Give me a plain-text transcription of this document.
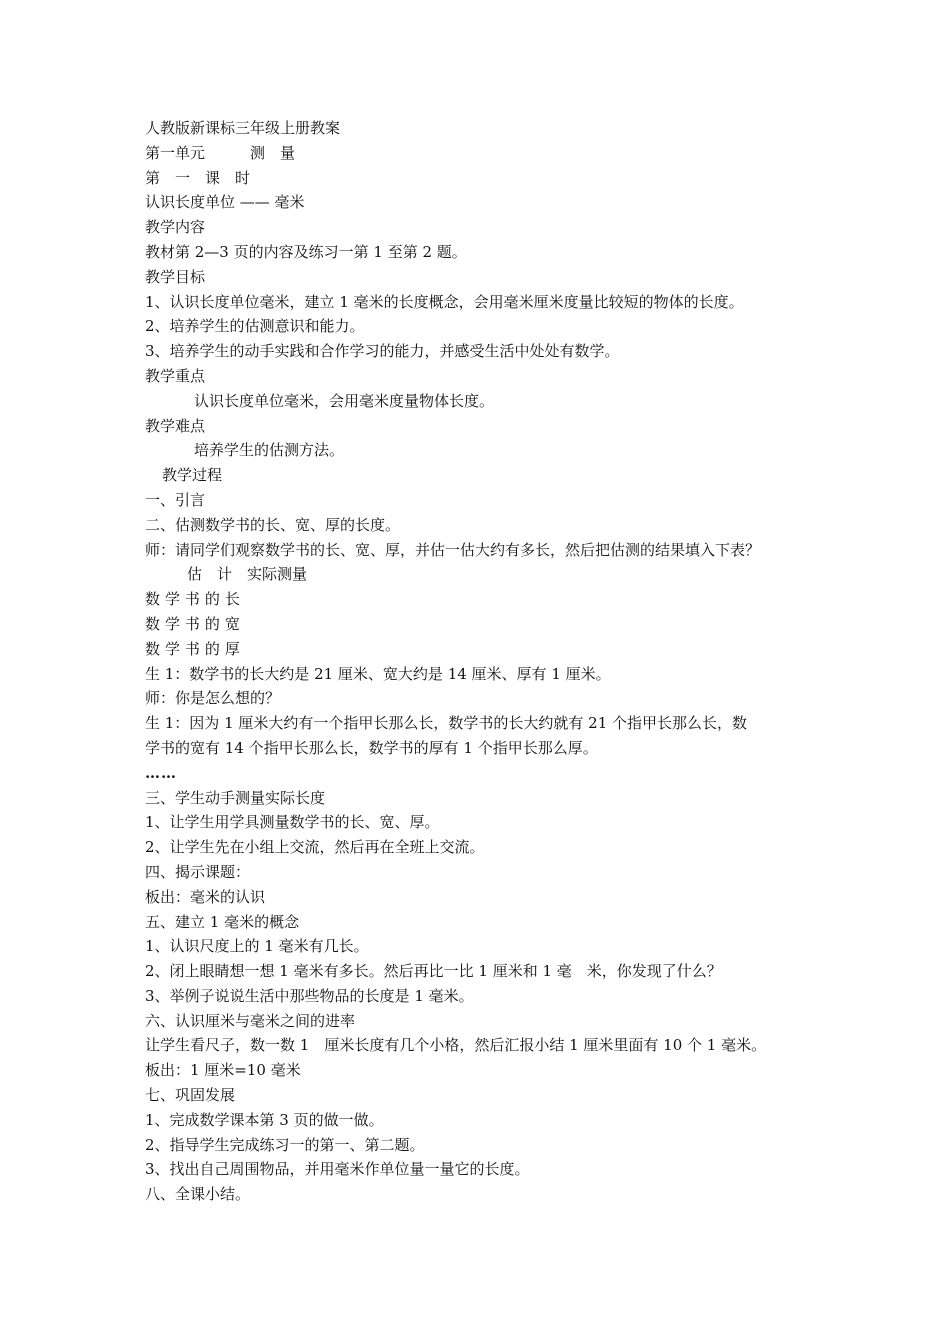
人教版新课标三年级上册教案
第一单元　　　测　量
第　一　课　时
认识长度单位 —— 毫米
教学内容
教材第 2—3 页的内容及练习一第 1 至第 2 题。
教学目标
1、认识长度单位毫米，建立 1 毫米的长度概念，会用毫米厘米度量比较短的物体的长度。
2、培养学生的估测意识和能力。
3、培养学生的动手实践和合作学习的能力，并感受生活中处处有数学。
教学重点
认识长度单位毫米，会用毫米度量物体长度。
教学难点
培养学生的估测方法。
教学过程
一、引言
二、估测数学书的长、宽、厚的长度。
师：请同学们观察数学书的长、宽、厚，并估一估大约有多长，然后把估测的结果填入下表？
估　计　实际测量
数 学 书 的 长
数 学 书 的 宽
数 学 书 的 厚
生 1：数学书的长大约是 21 厘米、宽大约是 14 厘米、厚有 1 厘米。
师：你是怎么想的？
生 1：因为 1 厘米大约有一个指甲长那么长，数学书的长大约就有 21 个指甲长那么长，数
学书的宽有 14 个指甲长那么长，数学书的厚有 1 个指甲长那么厚。
……
三、学生动手测量实际长度
1、让学生用学具测量数学书的长、宽、厚。
2、让学生先在小组上交流，然后再在全班上交流。
四、揭示课题：
板出：毫米的认识
五、建立 1 毫米的概念
1、认识尺度上的 1 毫米有几长。
2、闭上眼睛想一想 1 毫米有多长。然后再比一比 1 厘米和 1 毫　米，你发现了什么？
3、举例子说说生活中那些物品的长度是 1 毫米。
六、认识厘米与毫米之间的进率
让学生看尺子，数一数 1　厘米长度有几个小格，然后汇报小结 1 厘米里面有 10 个 1 毫米。
板出：1 厘米=10 毫米
七、巩固发展
1、完成数学课本第 3 页的做一做。
2、指导学生完成练习一的第一、第二题。
3、找出自己周围物品，并用毫米作单位量一量它的长度。
八、全课小结。
